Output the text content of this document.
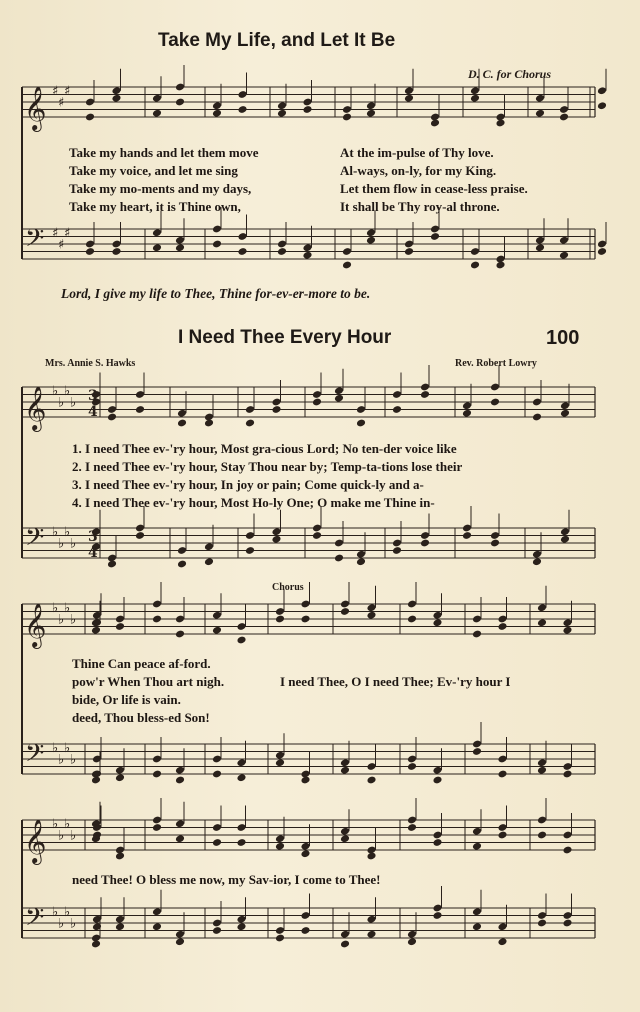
Take My Life, and Let It Be
D. C. for Chorus
Take my hands and let them move	At the im-pulse of Thy love.
Take my voice, and let me sing	Al-ways, on-ly, for my King.
Take my mo-ments and my days,	Let them flow in cease-less praise.
Take my heart, it is Thine own,	It shall be Thy roy-al throne.
Lord, I give my life to Thee, Thine for-ev-er-more to be.
I Need Thee Every Hour	100
Mrs. Annie S. Hawks	Rev. Robert Lowry
1. I need Thee ev-'ry hour, Most gra-cious Lord; No ten-der voice like
2. I need Thee ev-'ry hour, Stay Thou near by; Temp-ta-tions lose their
3. I need Thee ev-'ry hour, In joy or pain; Come quick-ly and a-
4. I need Thee ev-'ry hour, Most Ho-ly One; O make me Thine in-
Chorus
Thine Can peace af-ford.
pow'r When Thou art nigh.
bide, Or life is vain.
deed, Thou bless-ed Son!
I need Thee, O I need Thee; Ev-'ry hour I
need Thee! O bless me now, my Sav-ior, I come to Thee!
𝄞 ♯
♯
♯
𝄢 ♯
♯
♯
𝄞 ♭
♭
♭
♭
𝄢 ♭
♭
♭
♭
𝄞 ♭
♭
♭
♭
𝄢 ♭
♭
♭
♭
𝄞 ♭
♭
♭
♭
𝄢 ♭
♭
♭
♭
3
4
3
4
